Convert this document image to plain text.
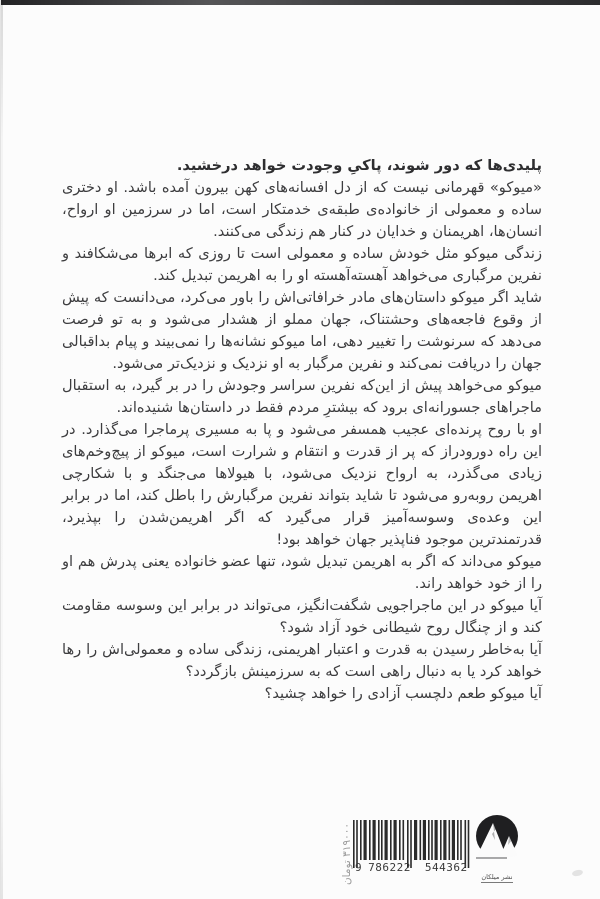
پلیدی‌ها که دور شوند، پاکیِ وجودت خواهد درخشید.

«میوکو» قهرمانی نیست که از دل افسانه‌های کهن بیرون آمده باشد. او دختری ساده و معمولی از خانواده‌ی طبقه‌ی خدمتکار است، اما در سرزمین او ارواح، انسان‌ها، اهریمنان و خدایان در کنار هم زندگی می‌کنند.

زندگی میوکو مثل خودش ساده و معمولی است تا روزی که ابرها می‌شکافند و نفرین مرگباری می‌خواهد آهسته‌آهسته او را به اهریمن تبدیل کند.

شاید اگر میوکو داستان‌های مادر خرافاتی‌اش را باور می‌کرد، می‌دانست که پیش از وقوع فاجعه‌های وحشتناک، جهان مملو از هشدار می‌شود و به تو فرصت می‌دهد که سرنوشت را تغییر دهی، اما میوکو نشانه‌ها را نمی‌بیند و پیام بداقبالی جهان را دریافت نمی‌کند و نفرین مرگبار به او نزدیک و نزدیک‌تر می‌شود.

میوکو می‌خواهد پیش از این‌که نفرین سراسر وجودش را در بر گیرد، به استقبال ماجراهای جسورانه‌ای برود که بیشترِ مردم فقط در داستان‌ها شنیده‌اند.

او با روح پرنده‌ای عجیب همسفر می‌شود و پا به مسیری پرماجرا می‌گذارد. در این راه دورودراز که پر از قدرت و انتقام و شرارت است، میوکو از پیچ‌وخم‌های زیادی می‌گذرد، به ارواح نزدیک می‌شود، با هیولاها می‌جنگد و با شکارچی اهریمن روبه‌رو می‌شود تا شاید بتواند نفرین مرگبارش را باطل کند، اما در برابر این وعده‌ی وسوسه‌آمیز قرار می‌گیرد که اگر اهریمن‌شدن را بپذیرد، قدرتمندترین موجود فناپذیر جهان خواهد بود!

میوکو می‌داند که اگر به اهریمن تبدیل شود، تنها عضو خانواده یعنی پدرش هم او را از خود خواهد راند.

آیا میوکو در این ماجراجویی شگفت‌انگیز، می‌تواند در برابر این وسوسه مقاومت کند و از چنگال روح شیطانی خود آزاد شود؟

آیا به‌خاطر رسیدن به قدرت و اعتبار اهریمنی، زندگی ساده و معمولی‌اش را رها خواهد کرد یا به دنبال راهی است که به سرزمینش بازگردد؟

آیا میوکو طعم دلچسب آزادی را خواهد چشید؟

۳۱۹۰۰۰ تومان
9 786222 544362
نشر میلکان
